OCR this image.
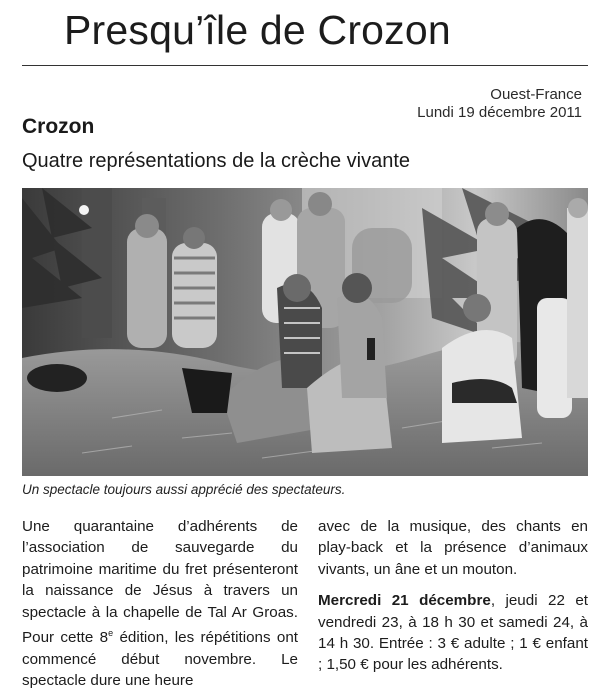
Presqu’île de Crozon
Ouest-France
Lundi 19 décembre 2011
Crozon
Quatre représentations de la crèche vivante
Un spectacle toujours aussi apprécié des spectateurs.

Une quarantaine d’adhérents de l’association de sauvegarde du patrimoine maritime du fret présenteront la naissance de Jésus à travers un spectacle à la chapelle de Tal Ar Groas. Pour cette 8e édition, les répétitions ont commencé début novembre. Le spectacle dure une heure

avec de la musique, des chants en play-back et la présence d’animaux vivants, un âne et un mouton.

Mercredi 21 décembre, jeudi 22 et vendredi 23, à 18 h 30 et samedi 24, à 14 h 30. Entrée : 3 € adulte ; 1 € enfant ; 1,50 € pour les adhérents.
